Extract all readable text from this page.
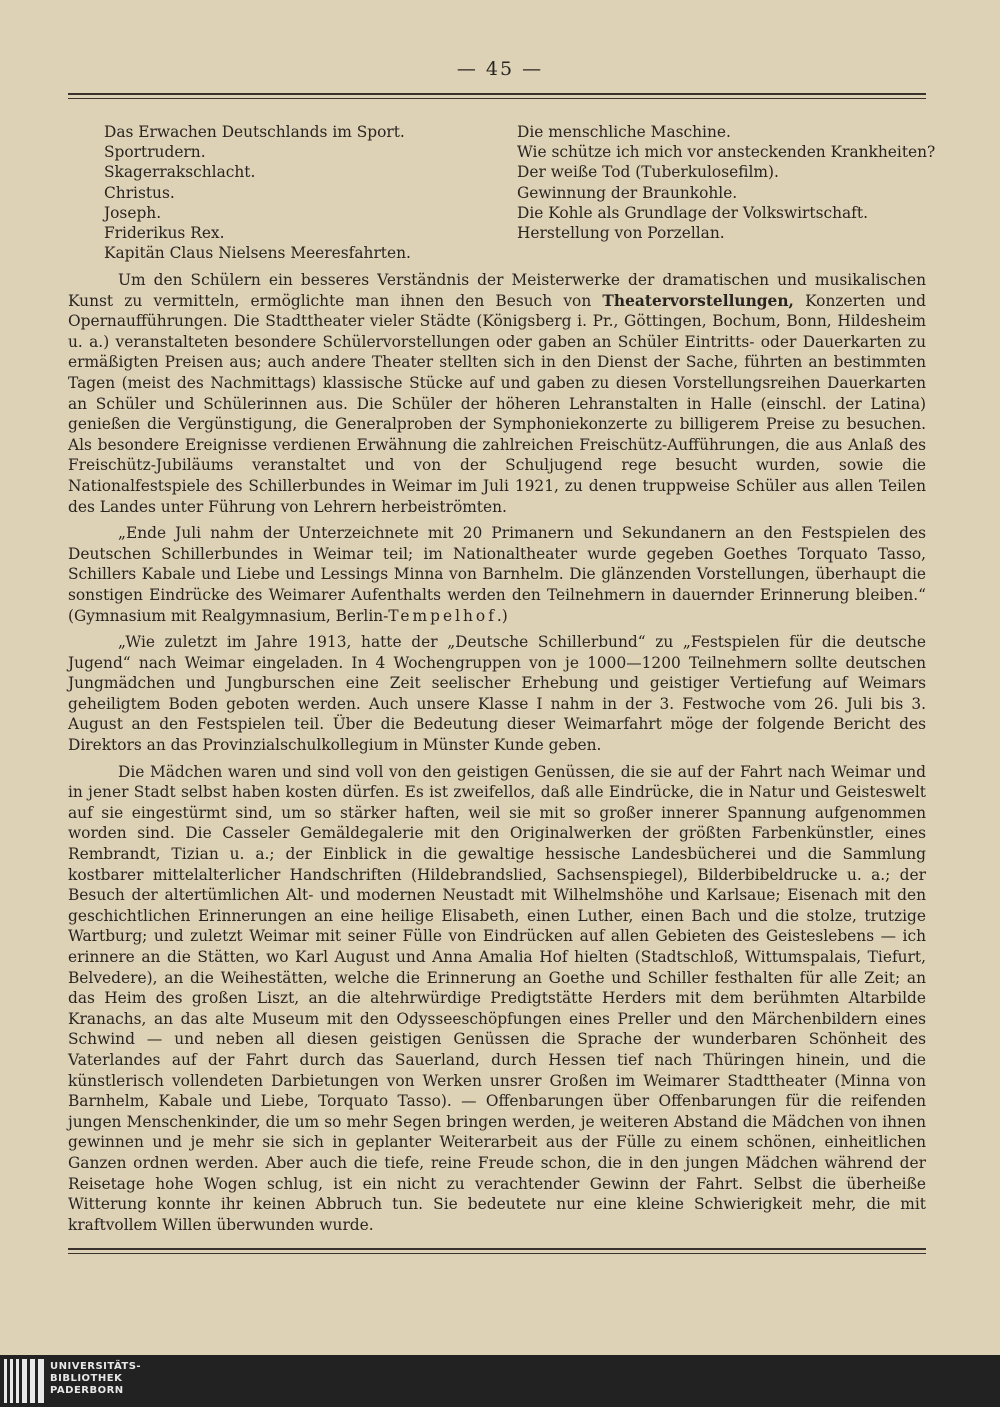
— 45 —
Das Erwachen Deutschlands im Sport.
Sportrudern.
Skagerrakschlacht.
Christus.
Joseph.
Friderikus Rex.
Kapitän Claus Nielsens Meeresfahrten.
Die menschliche Maschine.
Wie schütze ich mich vor ansteckenden Krankheiten?
Der weiße Tod (Tuberkulosefilm).
Gewinnung der Braunkohle.
Die Kohle als Grundlage der Volkswirtschaft.
Herstellung von Porzellan.

Um den Schülern ein besseres Verständnis der Meisterwerke der dramatischen und musikalischen Kunst zu vermitteln, ermöglichte man ihnen den Besuch von Theatervorstellungen, Konzerten und Opernaufführungen. Die Stadttheater vieler Städte (Königsberg i. Pr., Göttingen, Bochum, Bonn, Hildesheim u. a.) veranstalteten besondere Schülervorstellungen oder gaben an Schüler Eintritts- oder Dauerkarten zu ermäßigten Preisen aus; auch andere Theater stellten sich in den Dienst der Sache, führten an bestimmten Tagen (meist des Nachmittags) klassische Stücke auf und gaben zu diesen Vorstellungsreihen Dauerkarten an Schüler und Schülerinnen aus. Die Schüler der höheren Lehranstalten in Halle (einschl. der Latina) genießen die Vergünstigung, die Generalproben der Symphoniekonzerte zu billigerem Preise zu besuchen. Als besondere Ereignisse verdienen Erwähnung die zahlreichen Freischütz-Aufführungen, die aus Anlaß des Freischütz-Jubiläums veranstaltet und von der Schuljugend rege besucht wurden, sowie die Nationalfestspiele des Schillerbundes in Weimar im Juli 1921, zu denen truppweise Schüler aus allen Teilen des Landes unter Führung von Lehrern herbeiströmten.

„Ende Juli nahm der Unterzeichnete mit 20 Primanern und Sekundanern an den Festspielen des Deutschen Schillerbundes in Weimar teil; im Nationaltheater wurde gegeben Goethes Torquato Tasso, Schillers Kabale und Liebe und Lessings Minna von Barnhelm. Die glänzenden Vorstellungen, überhaupt die sonstigen Eindrücke des Weimarer Aufenthalts werden den Teilnehmern in dauernder Erinnerung bleiben.“ (Gymnasium mit Realgymnasium, Berlin-Tempelhof.)

„Wie zuletzt im Jahre 1913, hatte der „Deutsche Schillerbund“ zu „Festspielen für die deutsche Jugend“ nach Weimar eingeladen. In 4 Wochengruppen von je 1000—1200 Teilnehmern sollte deutschen Jungmädchen und Jungburschen eine Zeit seelischer Erhebung und geistiger Vertiefung auf Weimars geheiligtem Boden geboten werden. Auch unsere Klasse I nahm in der 3. Festwoche vom 26. Juli bis 3. August an den Festspielen teil. Über die Bedeutung dieser Weimarfahrt möge der folgende Bericht des Direktors an das Provinzialschulkollegium in Münster Kunde geben.

Die Mädchen waren und sind voll von den geistigen Genüssen, die sie auf der Fahrt nach Weimar und in jener Stadt selbst haben kosten dürfen. Es ist zweifellos, daß alle Eindrücke, die in Natur und Geisteswelt auf sie eingestürmt sind, um so stärker haften, weil sie mit so großer innerer Spannung aufgenommen worden sind. Die Casseler Gemäldegalerie mit den Originalwerken der größten Farbenkünstler, eines Rembrandt, Tizian u. a.; der Einblick in die gewaltige hessische Landesbücherei und die Sammlung kostbarer mittelalterlicher Handschriften (Hildebrandslied, Sachsenspiegel), Bilderbibeldrucke u. a.; der Besuch der altertümlichen Alt- und modernen Neustadt mit Wilhelmshöhe und Karlsaue; Eisenach mit den geschichtlichen Erinnerungen an eine heilige Elisabeth, einen Luther, einen Bach und die stolze, trutzige Wartburg; und zuletzt Weimar mit seiner Fülle von Eindrücken auf allen Gebieten des Geisteslebens — ich erinnere an die Stätten, wo Karl August und Anna Amalia Hof hielten (Stadtschloß, Wittumspalais, Tiefurt, Belvedere), an die Weihestätten, welche die Erinnerung an Goethe und Schiller festhalten für alle Zeit; an das Heim des großen Liszt, an die altehrwürdige Predigtstätte Herders mit dem berühmten Altarbilde Kranachs, an das alte Museum mit den Odysseeschöpfungen eines Preller und den Märchenbildern eines Schwind — und neben all diesen geistigen Genüssen die Sprache der wunderbaren Schönheit des Vaterlandes auf der Fahrt durch das Sauerland, durch Hessen tief nach Thüringen hinein, und die künstlerisch vollendeten Darbietungen von Werken unsrer Großen im Weimarer Stadttheater (Minna von Barnhelm, Kabale und Liebe, Torquato Tasso). — Offenbarungen über Offenbarungen für die reifenden jungen Menschenkinder, die um so mehr Segen bringen werden, je weiteren Abstand die Mädchen von ihnen gewinnen und je mehr sie sich in geplanter Weiterarbeit aus der Fülle zu einem schönen, einheitlichen Ganzen ordnen werden. Aber auch die tiefe, reine Freude schon, die in den jungen Mädchen während der Reisetage hohe Wogen schlug, ist ein nicht zu verachtender Gewinn der Fahrt. Selbst die überheiße Witterung konnte ihr keinen Abbruch tun. Sie bedeutete nur eine kleine Schwierigkeit mehr, die mit kraftvollem Willen überwunden wurde.

UNIVERSITÄTS-
BIBLIOTHEK
PADERBORN
